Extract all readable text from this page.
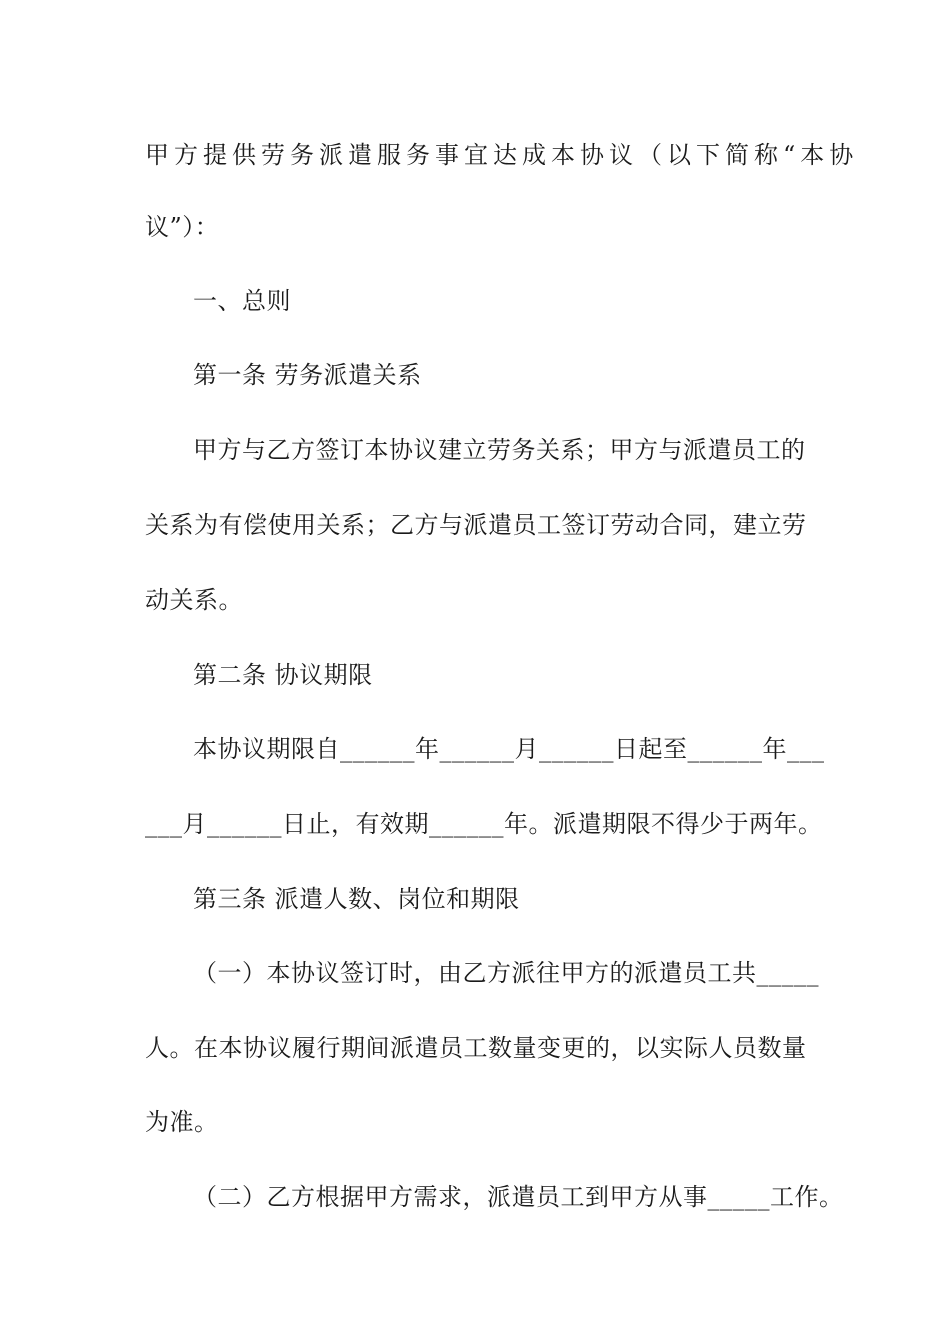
甲方提供劳务派遣服务事宜达成本协议（以下简称“本协
议”）：
一、总则
第一条 劳务派遣关系
甲方与乙方签订本协议建立劳务关系；甲方与派遣员工的
关系为有偿使用关系；乙方与派遣员工签订劳动合同，建立劳
动关系。
第二条 协议期限
本协议期限自______年______月______日起至______年___
___月______日止，有效期______年。派遣期限不得少于两年。
第三条 派遣人数、岗位和期限
（一）本协议签订时，由乙方派往甲方的派遣员工共_____
人。在本协议履行期间派遣员工数量变更的，以实际人员数量
为准。
（二）乙方根据甲方需求，派遣员工到甲方从事_____工作。
